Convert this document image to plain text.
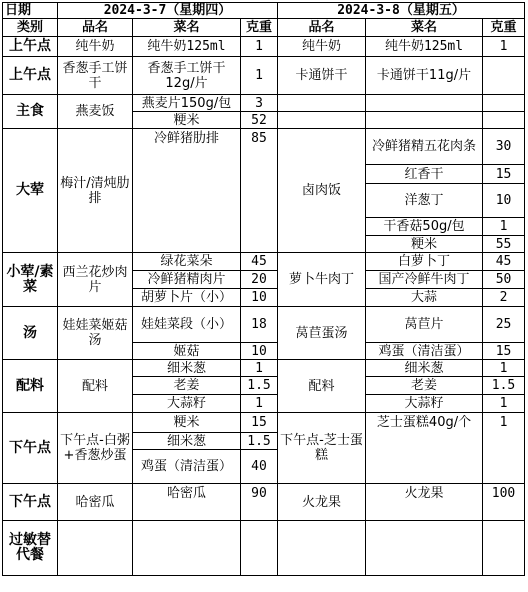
日期	2024-3-7（星期四）			2024-3-8（星期五）		
类别	品名	菜名	克重	品名	菜名	克重
上午点	纯牛奶	纯牛奶125ml	1	纯牛奶	纯牛奶125ml	1
上午点	香葱手工饼干	香葱手工饼干12g/片	1	卡通饼干	卡通饼干11g/片	
主食	燕麦饭	燕麦片150g/包	3			
		粳米	52			
大荤	梅汁/清炖肋排	冷鲜猪肋排	85	卤肉饭	冷鲜猪精五花肉条	30
					红香干	15
					洋葱丁	10
					干香菇50g/包	1
					粳米	55
小荤/素菜	西兰花炒肉片	绿花菜朵	45	萝卜牛肉丁	白萝卜丁	45
		冷鲜猪精肉片	20		国产冷鲜牛肉丁	50
		胡萝卜片（小）	10		大蒜	2
汤	娃娃菜姬菇汤	娃娃菜段（小）	18	莴苣蛋汤	莴苣片	25
		姬菇	10		鸡蛋（清洁蛋）	15
配料	配料	细米葱	1	配料	细米葱	1
		老姜	1.5		老姜	1.5
		大蒜籽	1		大蒜籽	1
下午点	下午点-白粥+香葱炒蛋	粳米	15	下午点-芝士蛋糕	芝士蛋糕40g/个	1
		细米葱	1.5			
		鸡蛋（清洁蛋）	40			
下午点	哈密瓜	哈密瓜	90	火龙果	火龙果	100
过敏替代餐						
